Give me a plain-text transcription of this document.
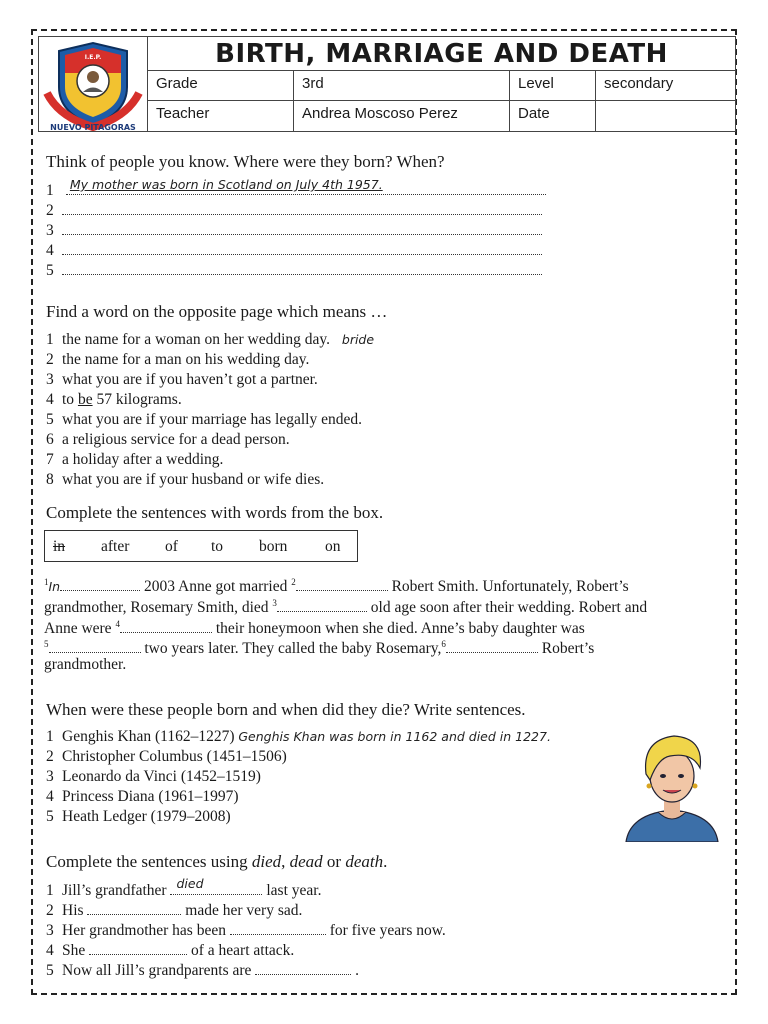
I.E.P.
NUEVO PITAGORAS
BIRTH, MARRIAGE AND DEATH
Grade	3rd	Level	secondary
Teacher	Andrea Moscoso Perez	Date
Think of people you know. Where were they born? When?
1 My mother was born in Scotland on July 4th 1957.
2
3
4
5
Find a word on the opposite page which means …
1 the name for a woman on her wedding day. bride
2 the name for a man on his wedding day.
3 what you are if you haven’t got a partner.
4 to be 57 kilograms.
5 what you are if your marriage has legally ended.
6 a religious service for a dead person.
7 a holiday after a wedding.
8 what you are if your husband or wife dies.
Complete the sentences with words from the box.
in after of to born on
$^1$In	2003 Anne got married $^2$	Robert Smith. Unfortunately, Robert’s
grandmother, Rosemary Smith, died $^3$	old age soon after their wedding. Robert and
Anne were $^4$	their honeymoon when she died. Anne’s baby daughter was
$^5$	two years later. They called the baby Rosemary,$^6$	Robert’s
grandmother.
When were these people born and when did they die? Write sentences.
1 Genghis Khan (1162–1227) Genghis Khan was born in 1162 and died in 1227.
2 Christopher Columbus (1451–1506)
3 Leonardo da Vinci (1452–1519)
4 Princess Diana (1961–1997)
5 Heath Ledger (1979–2008)
Complete the sentences using died, dead or death.
1 Jill’s grandfather died	last year.
2 His	made her very sad.
3 Her grandmother has been	for five years now.
4 She	of a heart attack.
5 Now all Jill’s grandparents are	.
